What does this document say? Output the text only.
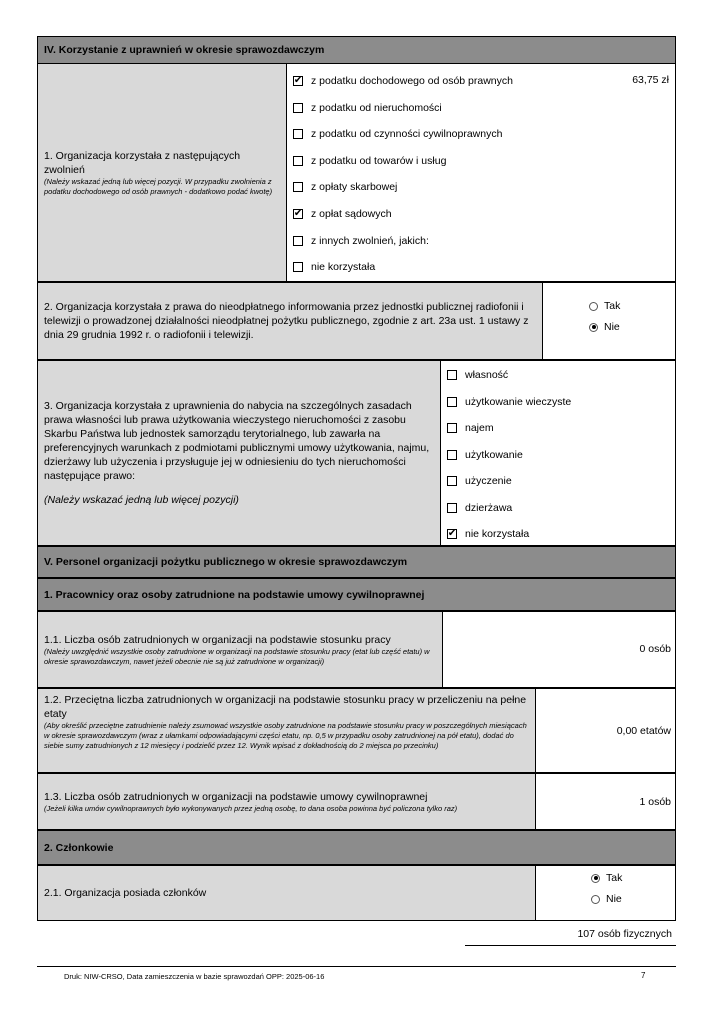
IV. Korzystanie z uprawnień w okresie sprawozdawczym
1. Organizacja korzystała z następujących zwolnień
(Należy wskazać jedną lub więcej pozycji. W przypadku zwolnienia z podatku dochodowego od osób prawnych - dodatkowo podać kwotę)
✔ z podatku dochodowego od osób prawnych
z podatku od nieruchomości
z podatku od czynności cywilnoprawnych
z podatku od towarów i usług
z opłaty skarbowej
✔ z opłat sądowych
z innych zwolnień, jakich:
nie korzystała
63,75 zł
2. Organizacja korzystała z prawa do nieodpłatnego informowania przez jednostki publicznej radiofonii i telewizji o prowadzonej działalności nieodpłatnej pożytku publicznego, zgodnie z art. 23a ust. 1 ustawy z dnia 29 grudnia 1992 r. o radiofonii i telewizji.
Tak
Nie
3. Organizacja korzystała z uprawnienia do nabycia na szczególnych zasadach prawa własności lub prawa użytkowania wieczystego nieruchomości z zasobu Skarbu Państwa lub jednostek samorządu terytorialnego, lub zawarła na preferencyjnych warunkach z podmiotami publicznymi umowy użytkowania, najmu, dzierżawy lub użyczenia i przysługuje jej w odniesieniu do tych nieruchomości następujące prawo:
(Należy wskazać jedną lub więcej pozycji)
własność
użytkowanie wieczyste
najem
użytkowanie
użyczenie
dzierżawa
✔ nie korzystała
V. Personel organizacji pożytku publicznego w okresie sprawozdawczym
1. Pracownicy oraz osoby zatrudnione na podstawie umowy cywilnoprawnej
1.1. Liczba osób zatrudnionych w organizacji na podstawie stosunku pracy
(Należy uwzględnić wszystkie osoby zatrudnione w organizacji na podstawie stosunku pracy (etat lub część etatu) w okresie sprawozdawczym, nawet jeżeli obecnie nie są już zatrudnione w organizacji)
0 osób
1.2. Przeciętna liczba zatrudnionych w organizacji na podstawie stosunku pracy w przeliczeniu na pełne etaty
(Aby określić przeciętne zatrudnienie należy zsumować wszystkie osoby zatrudnione na podstawie stosunku pracy w poszczególnych miesiącach w okresie sprawozdawczym (wraz z ułamkami odpowiadającymi części etatu, np. 0,5 w przypadku osoby zatrudnionej na pół etatu), dodać do siebie sumy zatrudnionych z 12 miesięcy i podzielić przez 12. Wynik wpisać z dokładnością do 2 miejsca po przecinku)
0,00 etatów
1.3. Liczba osób zatrudnionych w organizacji na podstawie umowy cywilnoprawnej
(Jeżeli kilka umów cywilnoprawnych było wykonywanych przez jedną osobę, to dana osoba powinna być policzona tylko raz)	1 osób
2. Członkowie
2.1. Organizacja posiada członków
Tak
Nie
107 osób fizycznych
Druk: NIW-CRSO, Data zamieszczenia w bazie sprawozdań OPP: 2025-06-16	7
